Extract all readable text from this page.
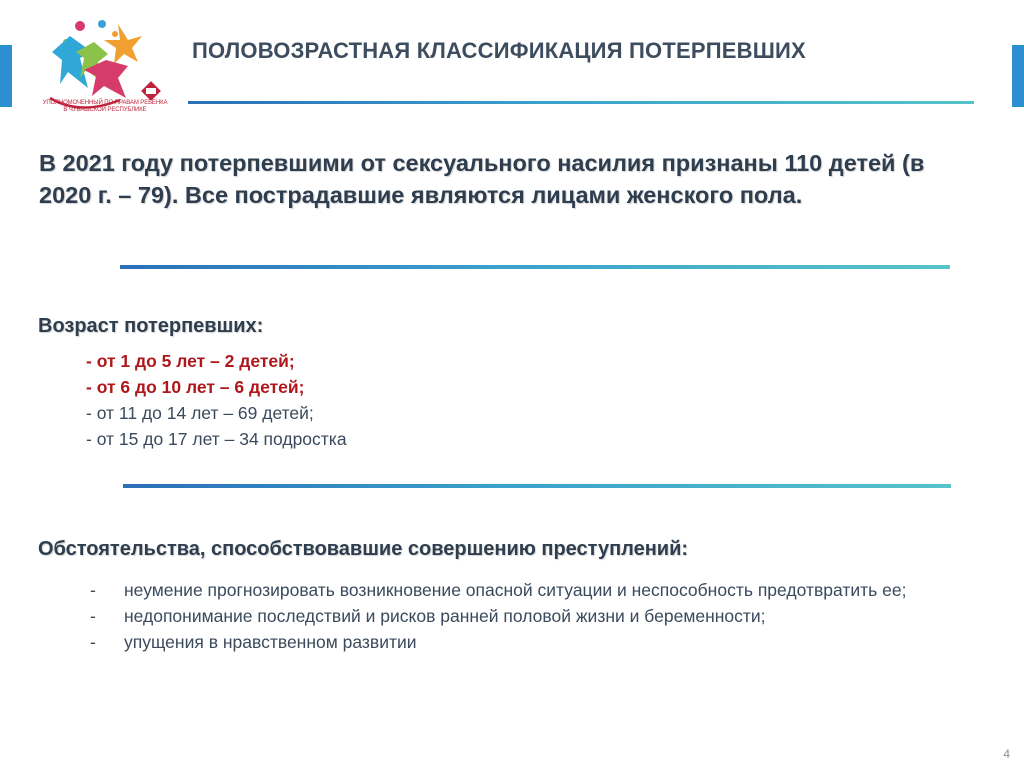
УПОЛНОМОЧЕННЫЙ ПО ПРАВАМ РЕБЕНКА В ЧУВАШСКОЙ РЕСПУБЛИКЕ
ПОЛОВОЗРАСТНАЯ КЛАССИФИКАЦИЯ ПОТЕРПЕВШИХ
В 2021 году потерпевшими от сексуального насилия признаны 110 детей (в 2020 г. – 79). Все пострадавшие являются лицами женского пола.
Возраст потерпевших:
- от 1 до 5 лет – 2 детей;
- от 6 до 10 лет – 6 детей;
- от 11 до 14 лет – 69 детей;
- от 15 до 17 лет – 34 подростка
Обстоятельства, способствовавшие совершению преступлений:
- неумение прогнозировать возникновение опасной ситуации и неспособность предотвратить ее;
- недопонимание последствий и рисков ранней половой жизни и беременности;
- упущения в нравственном развитии
4
